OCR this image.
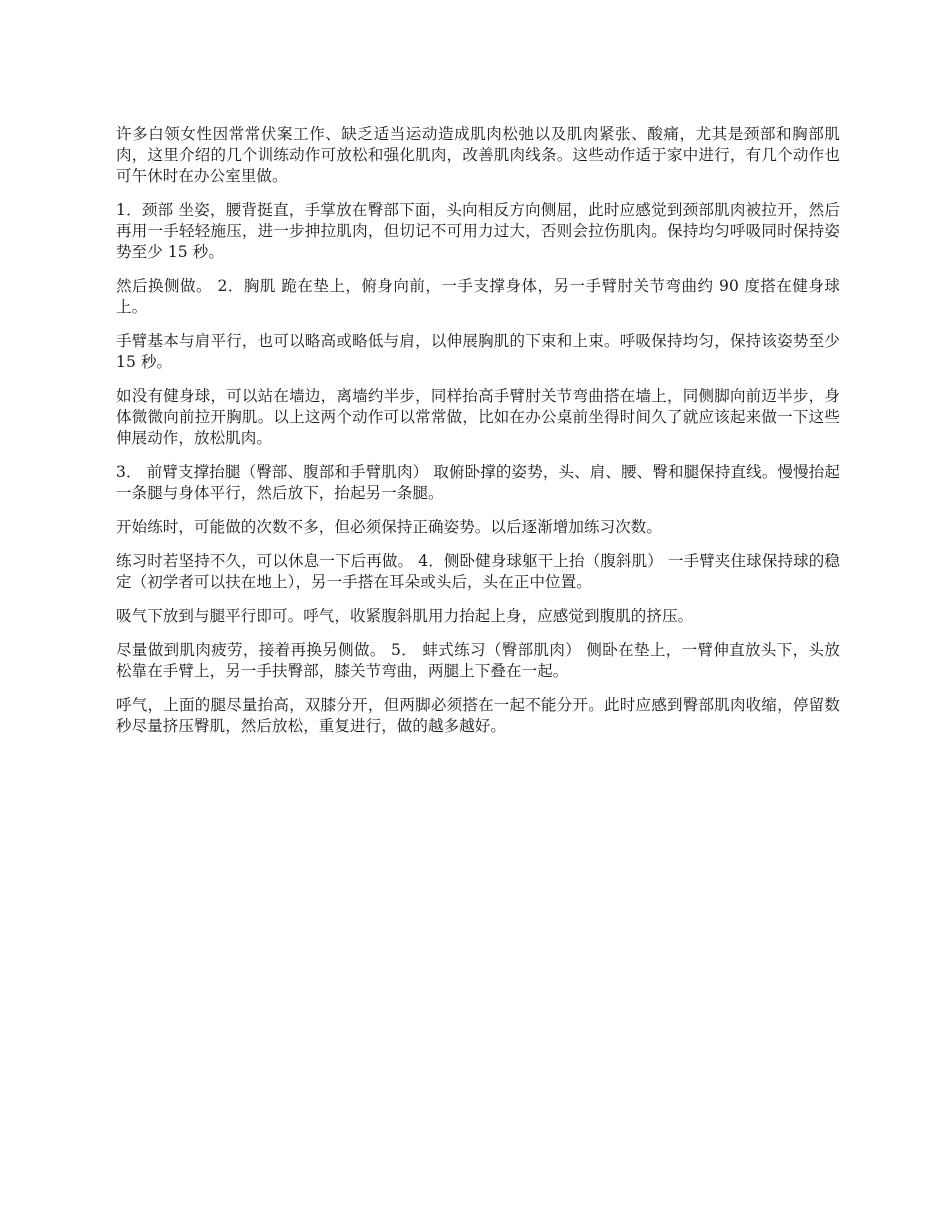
许多白领女性因常常伏案工作、缺乏适当运动造成肌肉松弛以及肌肉紧张、酸痛，尤其是颈部和胸部肌肉，这里介绍的几个训练动作可放松和强化肌肉，改善肌肉线条。这些动作适于家中进行，有几个动作也可午休时在办公室里做。

1．颈部 坐姿，腰背挺直，手掌放在臀部下面，头向相反方向侧屈，此时应感觉到颈部肌肉被拉开，然后再用一手轻轻施压，进一步抻拉肌肉，但切记不可用力过大，否则会拉伤肌肉。保持均匀呼吸同时保持姿势至少 15 秒。

然后换侧做。 2．胸肌 跪在垫上，俯身向前，一手支撑身体，另一手臂肘关节弯曲约 90 度搭在健身球上。

手臂基本与肩平行，也可以略高或略低与肩，以伸展胸肌的下束和上束。呼吸保持均匀，保持该姿势至少 15 秒。

如没有健身球，可以站在墙边，离墙约半步，同样抬高手臂肘关节弯曲搭在墙上，同侧脚向前迈半步，身体微微向前拉开胸肌。以上这两个动作可以常常做，比如在办公桌前坐得时间久了就应该起来做一下这些伸展动作，放松肌肉。

3． 前臂支撑抬腿（臀部、腹部和手臂肌肉） 取俯卧撑的姿势，头、肩、腰、臀和腿保持直线。慢慢抬起一条腿与身体平行，然后放下，抬起另一条腿。

开始练时，可能做的次数不多，但必须保持正确姿势。以后逐渐增加练习次数。

练习时若坚持不久，可以休息一下后再做。 4．侧卧健身球躯干上抬（腹斜肌） 一手臂夹住球保持球的稳定（初学者可以扶在地上），另一手搭在耳朵或头后，头在正中位置。

吸气下放到与腿平行即可。呼气，收紧腹斜肌用力抬起上身，应感觉到腹肌的挤压。

尽量做到肌肉疲劳，接着再换另侧做。 5． 蚌式练习（臀部肌肉） 侧卧在垫上，一臂伸直放头下，头放松靠在手臂上，另一手扶臀部，膝关节弯曲，两腿上下叠在一起。

呼气，上面的腿尽量抬高，双膝分开，但两脚必须搭在一起不能分开。此时应感到臀部肌肉收缩，停留数秒尽量挤压臀肌，然后放松，重复进行，做的越多越好。
